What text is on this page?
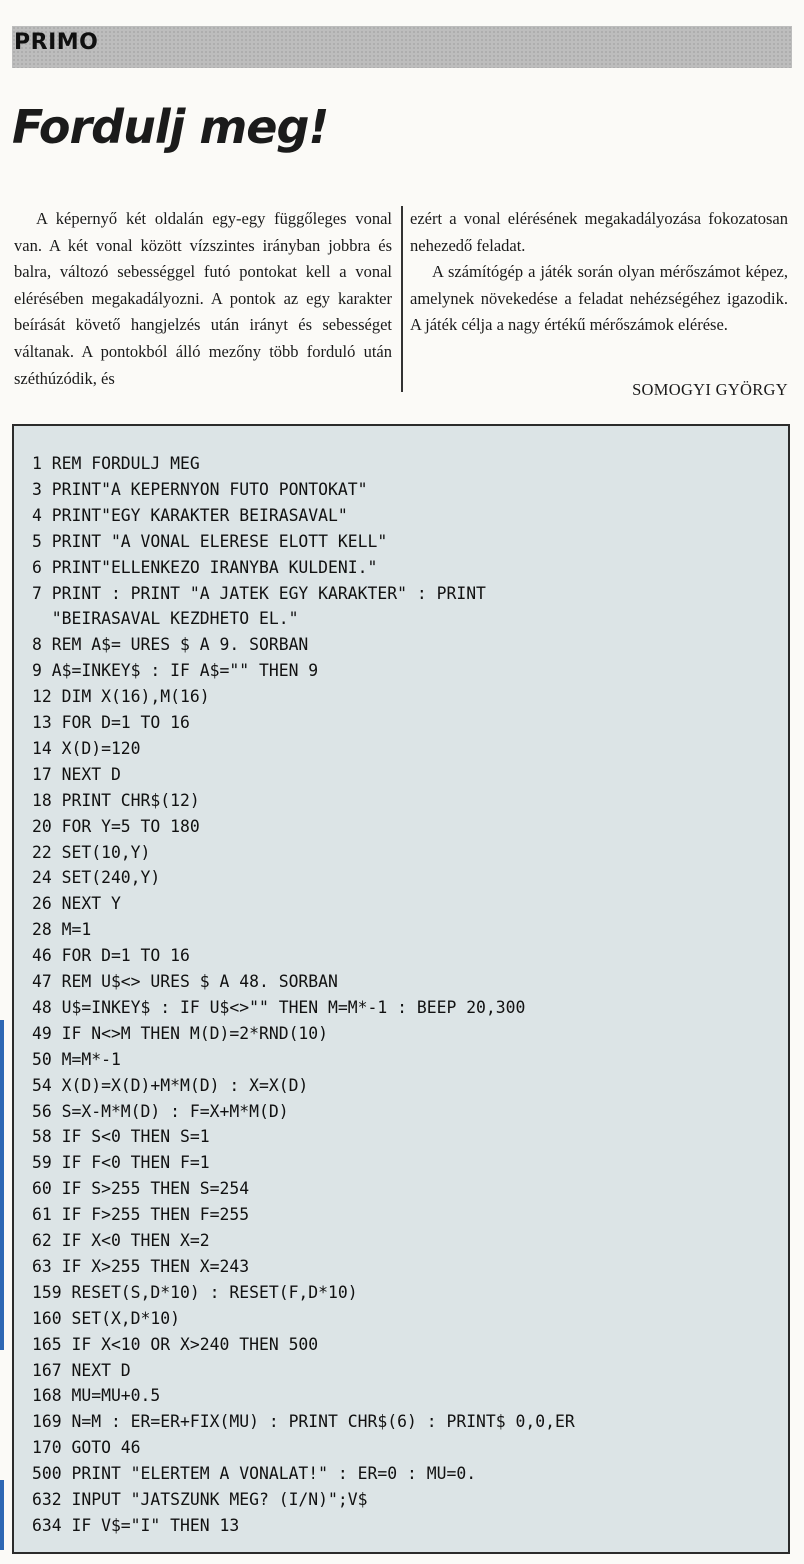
PRIMO
Fordulj meg!

A képernyő két oldalán egy-egy függőleges vonal van. A két vonal között vízszintes irányban jobbra és balra, változó sebességgel futó pontokat kell a vonal elérésében megakadályozni. A pontok az egy karakter beírását követő hangjelzés után irányt és sebességet váltanak. A pontokból álló mezőny több forduló után széthúzódik, és

ezért a vonal elérésének megakadályozása fokozatosan nehezedő feladat.

A számítógép a játék során olyan mérőszámot képez, amelynek növekedése a feladat nehézségéhez igazodik. A játék célja a nagy értékű mérőszámok elérése.

SOMOGYI GYÖRGY
1 REM FORDULJ MEG
3 PRINT"A KEPERNYON FUTO PONTOKAT"
4 PRINT"EGY KARAKTER BEIRASAVAL"
5 PRINT "A VONAL ELERESE ELOTT KELL"
6 PRINT"ELLENKEZO IRANYBA KULDENI."
7 PRINT : PRINT "A JATEK EGY KARAKTER" : PRINT
"BEIRASAVAL KEZDHETO EL."
8 REM A$= URES $ A 9. SORBAN
9 A$=INKEY$ : IF A$="" THEN 9
12 DIM X(16),M(16)
13 FOR D=1 TO 16
14 X(D)=120
17 NEXT D
18 PRINT CHR$(12)
20 FOR Y=5 TO 180
22 SET(10,Y)
24 SET(240,Y)
26 NEXT Y
28 M=1
46 FOR D=1 TO 16
47 REM U$<> URES $ A 48. SORBAN
48 U$=INKEY$ : IF U$<>"" THEN M=M*-1 : BEEP 20,300
49 IF N<>M THEN M(D)=2*RND(10)
50 M=M*-1
54 X(D)=X(D)+M*M(D) : X=X(D)
56 S=X-M*M(D) : F=X+M*M(D)
58 IF S<0 THEN S=1
59 IF F<0 THEN F=1
60 IF S>255 THEN S=254
61 IF F>255 THEN F=255
62 IF X<0 THEN X=2
63 IF X>255 THEN X=243
159 RESET(S,D*10) : RESET(F,D*10)
160 SET(X,D*10)
165 IF X<10 OR X>240 THEN 500
167 NEXT D
168 MU=MU+0.5
169 N=M : ER=ER+FIX(MU) : PRINT CHR$(6) : PRINT$ 0,0,ER
170 GOTO 46
500 PRINT "ELERTEM A VONALAT!" : ER=0 : MU=0.
632 INPUT "JATSZUNK MEG? (I/N)";V$
634 IF V$="I" THEN 13
